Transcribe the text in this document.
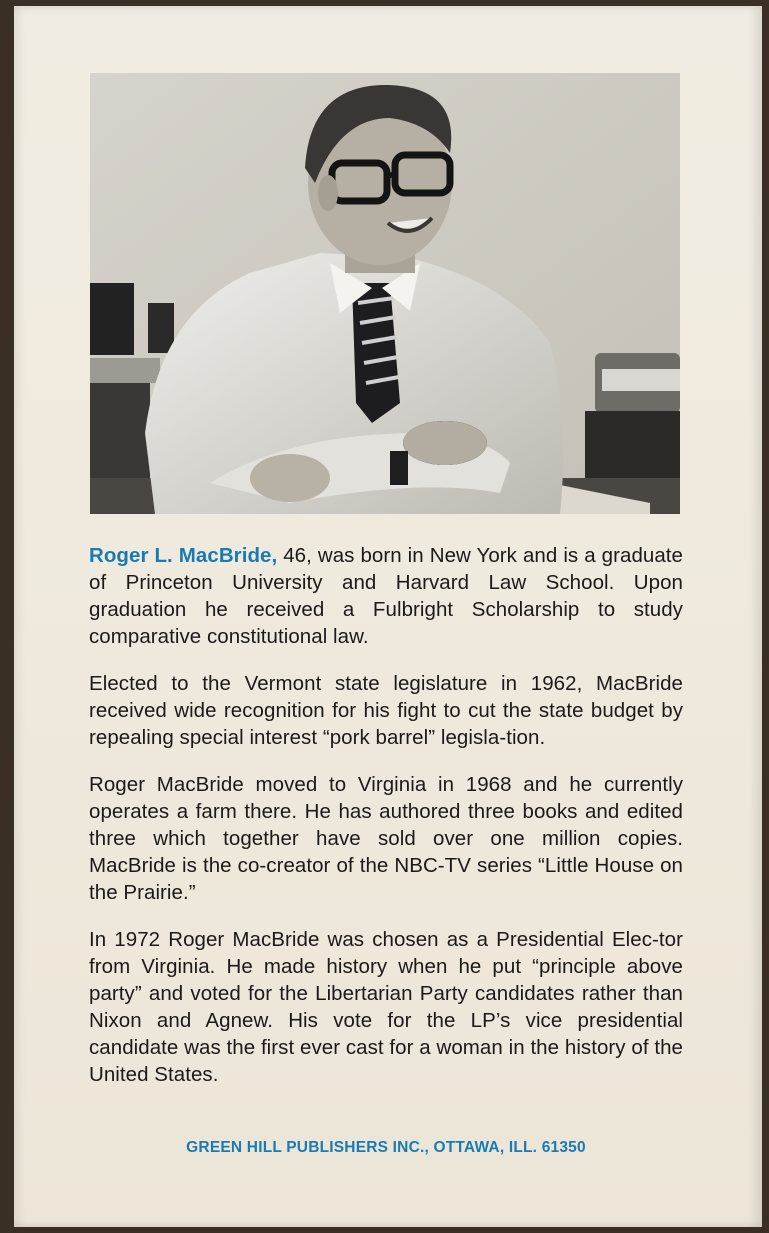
Roger L. MacBride, 46, was born in New York and is a graduate of Princeton University and Harvard Law School. Upon graduation he received a Fulbright Scholarship to study comparative constitutional law.

Elected to the Vermont state legislature in 1962, MacBride received wide recognition for his fight to cut the state budget by repealing special interest “pork barrel” legisla-tion.

Roger MacBride moved to Virginia in 1968 and he currently operates a farm there. He has authored three books and edited three which together have sold over one million copies. MacBride is the co-creator of the NBC-TV series “Little House on the Prairie.”

In 1972 Roger MacBride was chosen as a Presidential Elec-tor from Virginia. He made history when he put “principle above party” and voted for the Libertarian Party candidates rather than Nixon and Agnew. His vote for the LP’s vice presidential candidate was the first ever cast for a woman in the history of the United States.

GREEN HILL PUBLISHERS INC., OTTAWA, ILL. 61350
